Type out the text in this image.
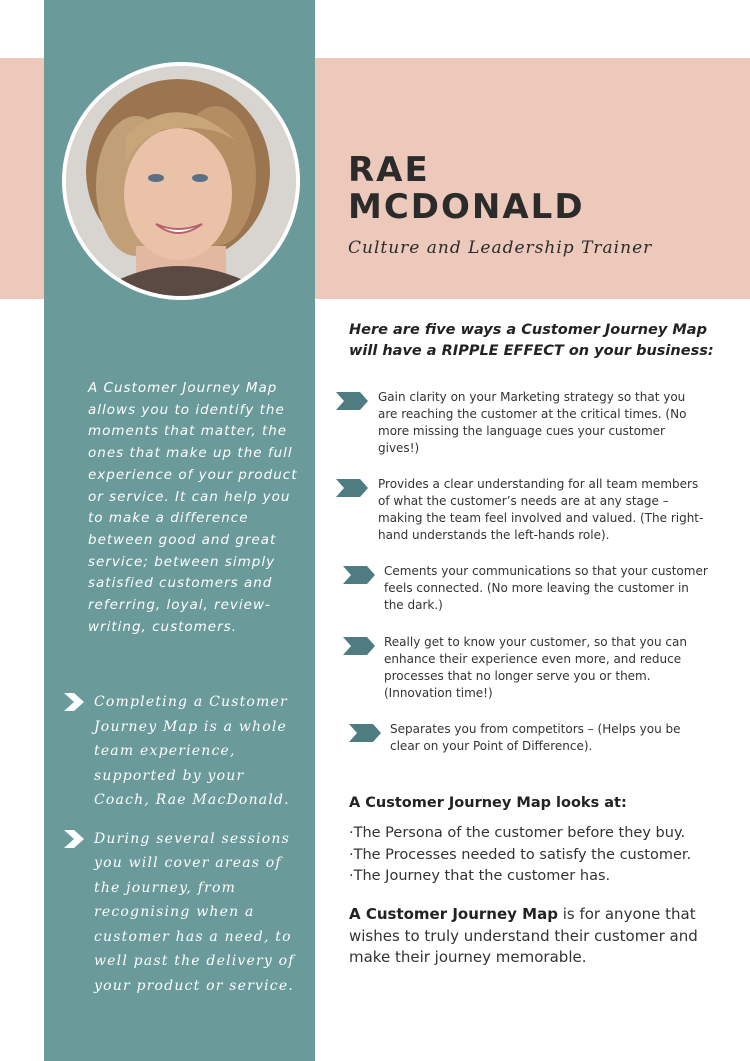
RAE
MCDONALD
Culture and Leadership Trainer
A Customer Journey Map allows you to identify the moments that matter, the ones that make up the full experience of your product or service. It can help you to make a difference between good and great service; between simply satisfied customers and referring, loyal, review-writing, customers.
Completing a Customer Journey Map is a whole team experience, supported by your Coach, Rae MacDonald.
During several sessions you will cover areas of the journey, from recognising when a customer has a need, to well past the delivery of your product or service.
Here are five ways a Customer Journey Map will have a RIPPLE EFFECT on your business:
Gain clarity on your Marketing strategy so that you are reaching the customer at the critical times. (No more missing the language cues your customer gives!)
Provides a clear understanding for all team members of what the customer’s needs are at any stage – making the team feel involved and valued. (The right-hand understands the left-hands role).
Cements your communications so that your customer feels connected. (No more leaving the customer in the dark.)
Really get to know your customer, so that you can enhance their experience even more, and reduce processes that no longer serve you or them. (Innovation time!)
Separates you from competitors – (Helps you be clear on your Point of Difference).
A Customer Journey Map looks at:
·The Persona of the customer before they buy.
·The Processes needed to satisfy the customer.
·The Journey that the customer has.
A Customer Journey Map is for anyone that wishes to truly understand their customer and make their journey memorable.
